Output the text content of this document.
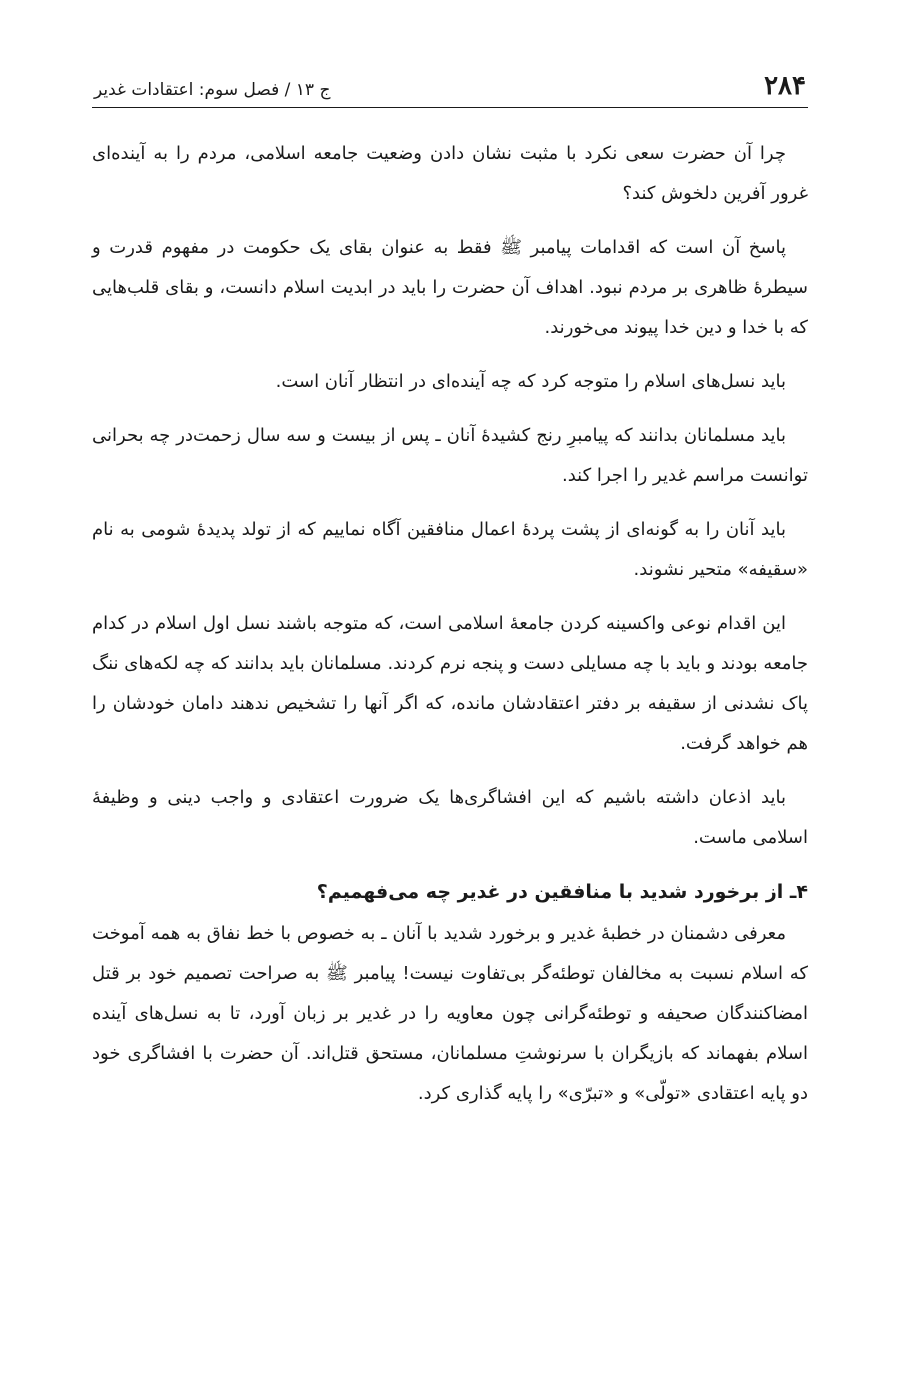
۲۸۴
ج ۱۳ / فصل سوم: اعتقادات غدیر

چرا آن حضرت سعی نکرد با مثبت نشان دادن وضعیت جامعه اسلامی، مردم را به آینده‌ای غرور آفرین دلخوش کند؟

پاسخ آن است که اقدامات پیامبر ﷺ فقط به عنوان بقای یک حکومت در مفهوم قدرت و سیطرهٔ ظاهری بر مردم نبود. اهداف آن حضرت را باید در ابدیت اسلام دانست، و بقای قلب‌هایی که با خدا و دین خدا پیوند می‌خورند.

باید نسل‌های اسلام را متوجه کرد که چه آینده‌ای در انتظار آنان است.

باید مسلمانان بدانند که پیامبرِ رنج کشیدهٔ آنان ـ پس از بیست و سه سال زحمت‌در چه بحرانی توانست مراسم غدیر را اجرا کند.

باید آنان را به گونه‌ای از پشت پردهٔ اعمال منافقین آگاه نماییم که از تولد پدیدهٔ شومی به نام «سقیفه» متحیر نشوند.

این اقدام نوعی واکسینه کردن جامعهٔ اسلامی است، که متوجه باشند نسل اول اسلام در کدام جامعه بودند و باید با چه مسایلی دست و پنجه نرم کردند. مسلمانان باید بدانند که چه لکه‌های ننگ پاک نشدنی از سقیفه بر دفتر اعتقادشان مانده، که اگر آنها را تشخیص ندهند دامان خودشان را هم خواهد گرفت.

باید اذعان داشته باشیم که این افشاگری‌ها یک ضرورت اعتقادی و واجب دینی و وظیفهٔ اسلامی ماست.

۴ـ از برخورد شدید با منافقین در غدیر چه می‌فهمیم؟

معرفی دشمنان در خطبهٔ غدیر و برخورد شدید با آنان ـ به خصوص با خط نفاق به همه آموخت که اسلام نسبت به مخالفان توطئه‌گر بی‌تفاوت نیست! پیامبر ﷺ به صراحت تصمیم خود بر قتل امضاکنندگان صحیفه و توطئه‌گرانی چون معاویه را در غدیر بر زبان آورد، تا به نسل‌های آینده اسلام بفهماند که بازیگران با سرنوشتِ مسلمانان، مستحق قتل‌اند. آن حضرت با افشاگری خود دو پایه اعتقادی «تولّی» و «تبرّی» را پایه گذاری کرد.
